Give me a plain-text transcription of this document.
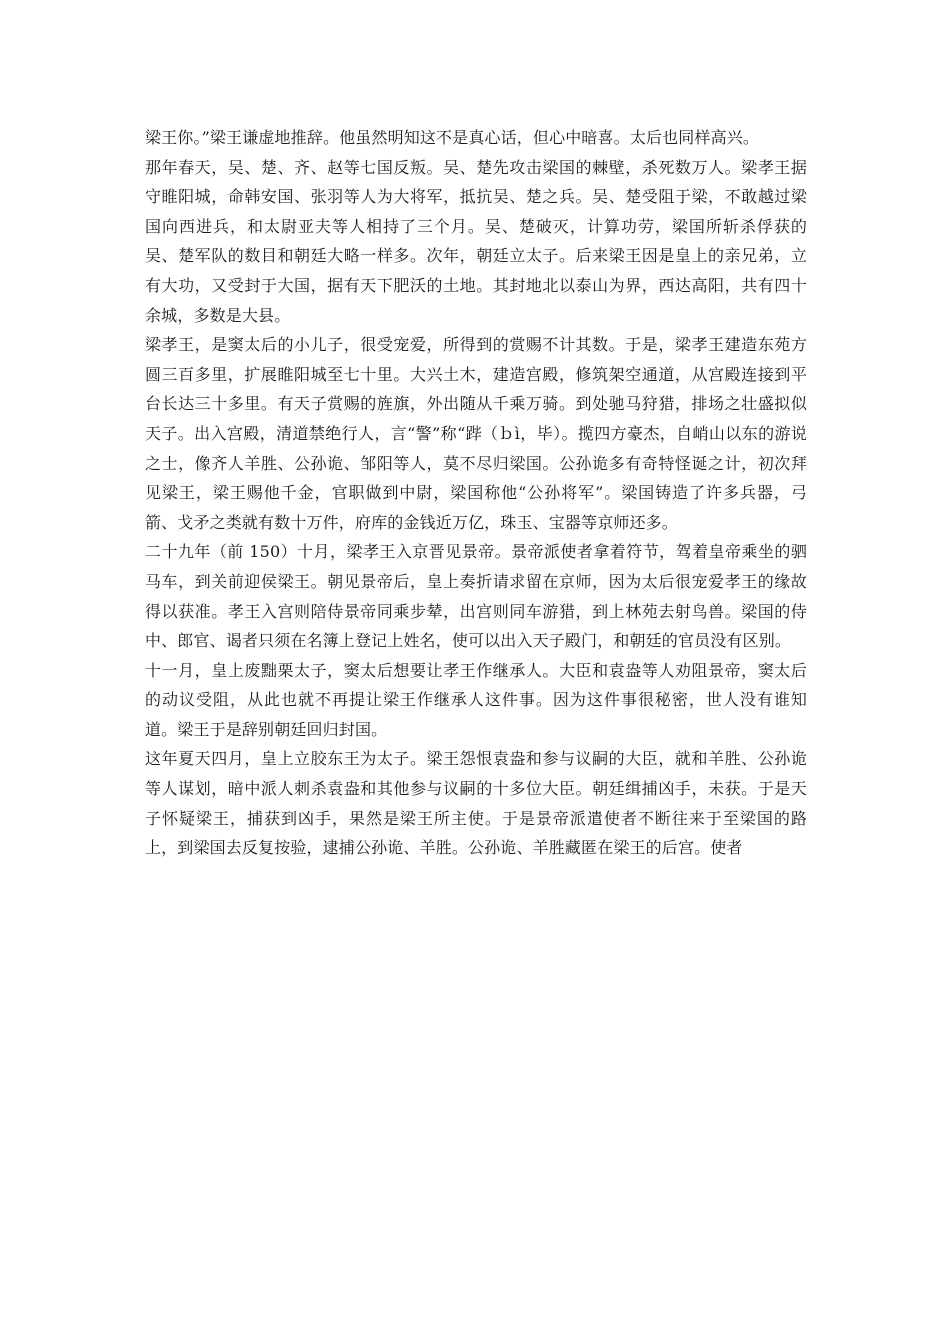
梁王你。”梁王谦虚地推辞。他虽然明知这不是真心话，但心中暗喜。太后也同样高兴。

那年春天，吴、楚、齐、赵等七国反叛。吴、楚先攻击梁国的棘壁，杀死数万人。梁孝王据守睢阳城，命韩安国、张羽等人为大将军，抵抗吴、楚之兵。吴、楚受阻于梁，不敢越过梁国向西进兵，和太尉亚夫等人相持了三个月。吴、楚破灭，计算功劳，梁国所斩杀俘获的吴、楚军队的数目和朝廷大略一样多。次年，朝廷立太子。后来梁王因是皇上的亲兄弟，立有大功，又受封于大国，据有天下肥沃的土地。其封地北以泰山为界，西达高阳，共有四十余城，多数是大县。

梁孝王，是窦太后的小儿子，很受宠爱，所得到的赏赐不计其数。于是，梁孝王建造东苑方圆三百多里，扩展睢阳城至七十里。大兴土木，建造宫殿，修筑架空通道，从宫殿连接到平台长达三十多里。有天子赏赐的旌旗，外出随从千乘万骑。到处驰马狩猎，排场之壮盛拟似天子。出入宫殿，清道禁绝行人，言“警”称“跸（ｂì，毕）。揽四方豪杰，自峭山以东的游说之士，像齐人羊胜、公孙诡、邹阳等人，莫不尽归梁国。公孙诡多有奇特怪诞之计，初次拜见梁王，梁王赐他千金，官职做到中尉，梁国称他“公孙将军”。梁国铸造了许多兵器，弓箭、戈矛之类就有数十万件，府库的金钱近万亿，珠玉、宝器等京师还多。

二十九年（前 150）十月，梁孝王入京晋见景帝。景帝派使者拿着符节，驾着皇帝乘坐的驷马车，到关前迎侯梁王。朝见景帝后，皇上奏折请求留在京师，因为太后很宠爱孝王的缘故得以获准。孝王入宫则陪侍景帝同乘步辇，出宫则同车游猎，到上林苑去射鸟兽。梁国的侍中、郎官、谒者只须在名簿上登记上姓名，使可以出入天子殿门，和朝廷的官员没有区别。

十一月，皇上废黜栗太子，窦太后想要让孝王作继承人。大臣和袁盎等人劝阻景帝，窦太后的动议受阻，从此也就不再提让梁王作继承人这件事。因为这件事很秘密，世人没有谁知道。梁王于是辞别朝廷回归封国。

这年夏天四月，皇上立胶东王为太子。梁王怨恨袁盎和参与议嗣的大臣，就和羊胜、公孙诡等人谋划，暗中派人刺杀袁盎和其他参与议嗣的十多位大臣。朝廷缉捕凶手，未获。于是天子怀疑梁王，捕获到凶手，果然是梁王所主使。于是景帝派遣使者不断往来于至梁国的路上，到梁国去反复按验，逮捕公孙诡、羊胜。公孙诡、羊胜藏匿在梁王的后宫。使者
